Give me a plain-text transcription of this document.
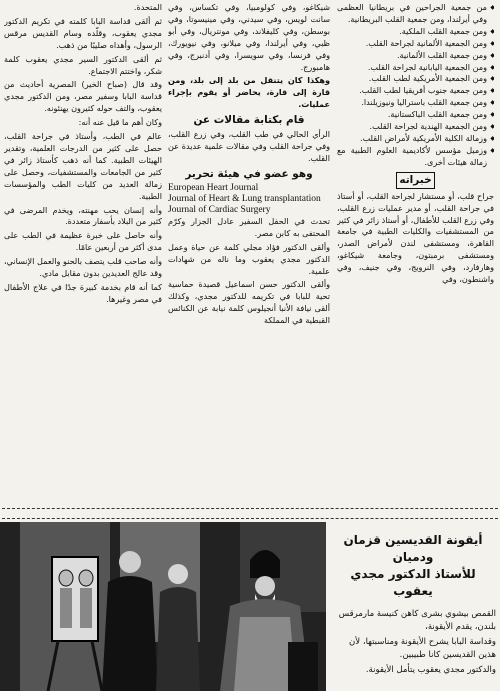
◆ من جمعية الجراحين في بريطانيا العظمى وفي أيرلندا، ومن جمعية القلب البريطانية.
◆ ومن جمعية القلب الملكية.
◆ ومن الجمعية الألمانية لجراحة القلب.
◆ ومن جمعية القلب الألمانية.
◆ ومن الجمعية اليابانية لجراحة القلب.
◆ ومن الجمعية الأمريكية لطب القلب.
◆ ومن جمعية جنوب أفريقيا لطب القلب.
◆ ومن جمعية القلب باستراليا ونيوزيلندا.
◆ ومن جمعية القلب الباكستانية.
◆ ومن الجمعية الهندية لجراحة القلب.
◆ وزمالة الكلية الأمريكية لأمراض القلب.
◆ وزميل مؤسس لأكاديمية العلوم الطبية مع زمالة هيئات أخرى.
خبراته

جراح قلب، أو مستشار لجراحة القلب، أو أستاذ في جراحة القلب، أو مدير عمليات زرع القلب، وفي زرع القلب للأطفال، أو أستاذ زائر في كثير من المستشفيات والكليات الطبية في جامعة القاهرة، ومستشفى لندن لأمراض الصدر، ومستشفى برمبتون، وجامعة شيكاغو، وهارفارد، وفي النرويج، وفي جنيف، وفي واشنطون، وفي

شيكاغو، وفي كولومبيا، وفي تكساس، وفي سانت لويس، وفي سيدني، وفي مينيسوتا، وفي بوسطن، وفي كليفلاند، وفي مونتريال، وفي أبو ظبي، وفي أيرلندا، وفي ميلانو، وفي نيويورك، وفي فرنسا، وفي سويسرا، وفي أدنبرج، وفي هامبورج.

وهكذا كان يتنقل من بلد إلى بلد، ومن قارة إلى قارة، يحاضر أو يقوم بإجراء عمليات.

قام بكتابة مقالات عن

الرأي الحالي في طب القلب، وفي زرع القلب، وفي جراحة القلب وفي مقالات علمية عديدة عن القلب.

وهو عضو في هيئة تحرير
European Heart Journal
Journal of Heart & Lung transplantation
Journal of Cardiac Surgery

تحدث في الحفل السفير عادل الجزار وكرّم المحتفى به كابن مصر.

وألقى الدكتور فؤاد مجلي كلمة عن حياة وعمل الدكتور مجدي يعقوب وما ناله من شهادات علمية.

وألقى الدكتور حسن اسماعيل قصيدة حماسية تحية للبابا في تكريمه للدكتور مجدي، وكذلك ألقى نيافة الأنبا أنجيلوس كلمة نيابة عن الكنائس القبطية في المملكة

المتحدة.

ثم ألقى قداسة البابا كلمته في تكريم الدكتور مجدي يعقوب، وقلّده وسام القديس مرقس الرسول، وأهداه صليبًا من ذهب.

ثم ألقى الدكتور السير مجدي يعقوب كلمة شكر، واختتم الاجتماع.

وقد قال (صباح الخير) المصرية أحاديث من قداسة البابا وسفير مصر، ومن الدكتور مجدي يعقوب، والتف حوله كثيرون يهنئونه.

وكان أهم ما قيل عنه أنه:

عالم في الطب، وأستاذ في جراحة القلب، حصل على كثير من الدرجات العلمية، وتقدير الهيئات الطبية. كما أنه ذهب كأستاذ زائر في كثير من الجامعات والمستشفيات، وحصل على زمالة العديد من كليات الطب والمؤسسات الطبية.

وأنه إنسان يحب مهنته، ويخدم المرضى في كثير من البلاد بأسفار متعددة.

وأنه حاصل على خبرة عظيمة في الطب على مدى أكثر من أربعين عامًا.

وأنه صاحب قلب يتصف بالحنو والعمل الإنساني، وقد عالج العديدين بدون مقابل مادي.

كما أنه قام بخدمة كبيرة جدًا في علاج الأطفال في مصر وغيرها.

أيقونة القديسين قزمان ودميان
للأستاذ الدكتور مجدي يعقوب

القمص بيشوي بشرى كاهن كنيسة مارمرقس بلندن، يقدم الأيقونة،

وقداسة البابا يشرح الأيقونة ومناسبتها، لأن هذين القديسين كانا طبيبين.

والدكتور مجدي يعقوب يتأمل الأيقونة.
